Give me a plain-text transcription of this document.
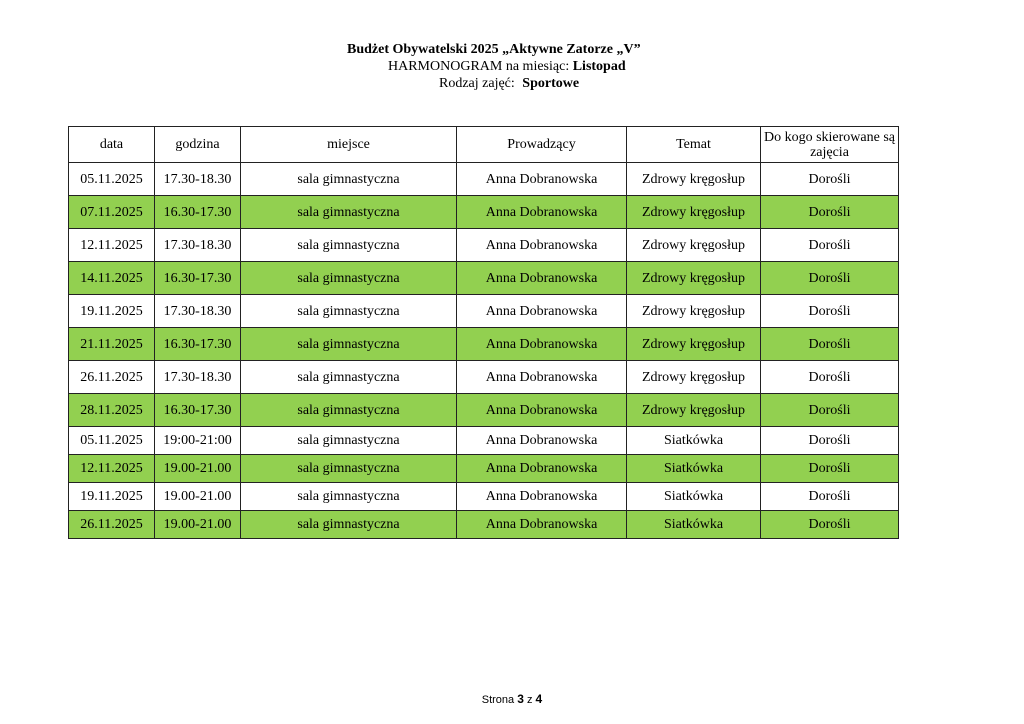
Budżet Obywatelski 2025 „Aktywne Zatorze „V”
HARMONOGRAM na miesiąc: Listopad
Rodzaj zajęć: Sportowe
data	godzina	miejsce	Prowadzący	Temat	Do kogo skierowane są zajęcia
05.11.2025	17.30-18.30	sala gimnastyczna	Anna Dobranowska	Zdrowy kręgosłup	Dorośli
07.11.2025	16.30-17.30	sala gimnastyczna	Anna Dobranowska	Zdrowy kręgosłup	Dorośli
12.11.2025	17.30-18.30	sala gimnastyczna	Anna Dobranowska	Zdrowy kręgosłup	Dorośli
14.11.2025	16.30-17.30	sala gimnastyczna	Anna Dobranowska	Zdrowy kręgosłup	Dorośli
19.11.2025	17.30-18.30	sala gimnastyczna	Anna Dobranowska	Zdrowy kręgosłup	Dorośli
21.11.2025	16.30-17.30	sala gimnastyczna	Anna Dobranowska	Zdrowy kręgosłup	Dorośli
26.11.2025	17.30-18.30	sala gimnastyczna	Anna Dobranowska	Zdrowy kręgosłup	Dorośli
28.11.2025	16.30-17.30	sala gimnastyczna	Anna Dobranowska	Zdrowy kręgosłup	Dorośli
05.11.2025	19:00-21:00	sala gimnastyczna	Anna Dobranowska	Siatkówka	Dorośli
12.11.2025	19.00-21.00	sala gimnastyczna	Anna Dobranowska	Siatkówka	Dorośli
19.11.2025	19.00-21.00	sala gimnastyczna	Anna Dobranowska	Siatkówka	Dorośli
26.11.2025	19.00-21.00	sala gimnastyczna	Anna Dobranowska	Siatkówka	Dorośli
Strona 3 z 4
